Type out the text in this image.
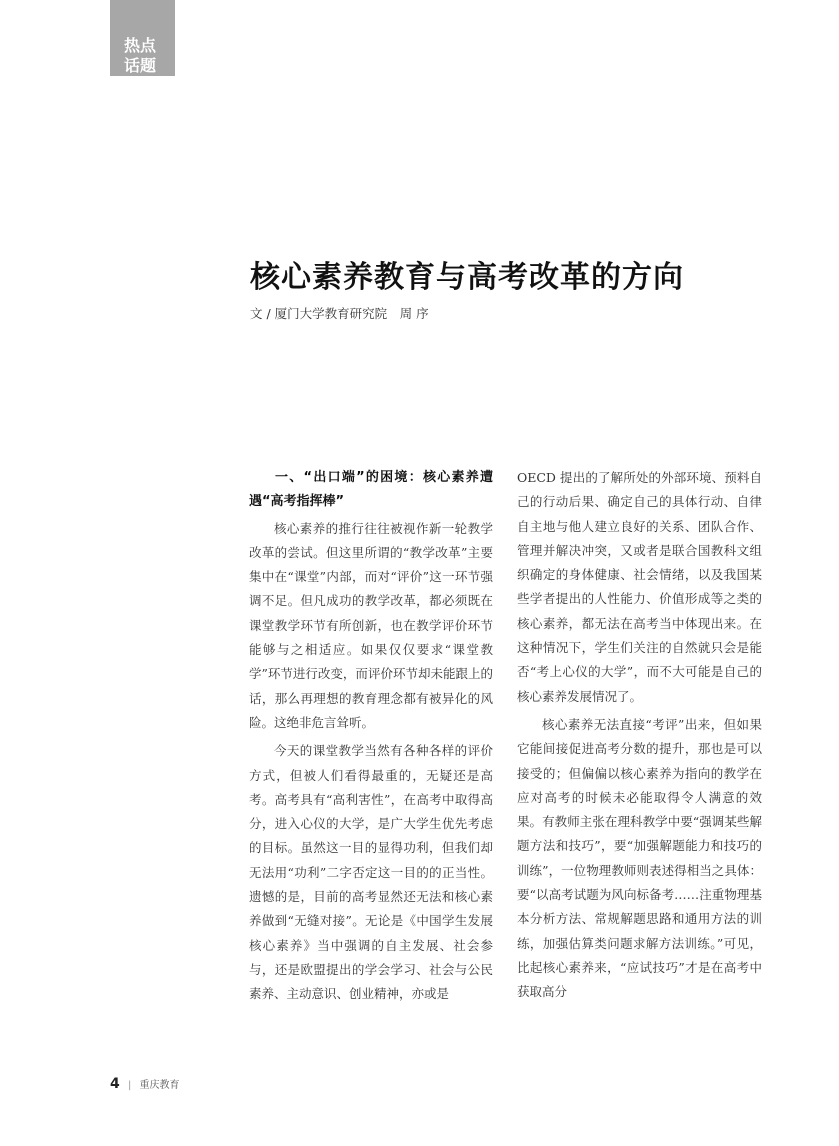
热点
话题
核心素养教育与高考改革的方向
文 / 厦门大学教育研究院　周 序
一、“出口端”的困境：核心素养遭遇“高考指挥棒”

核心素养的推行往往被视作新一轮教学改革的尝试。但这里所谓的“教学改革”主要集中在“课堂”内部，而对“评价”这一环节强调不足。但凡成功的教学改革，都必须既在课堂教学环节有所创新，也在教学评价环节能够与之相适应。如果仅仅要求“课堂教学”环节进行改变，而评价环节却未能跟上的话，那么再理想的教育理念都有被异化的风险。这绝非危言耸听。

今天的课堂教学当然有各种各样的评价方式，但被人们看得最重的，无疑还是高考。高考具有“高利害性”，在高考中取得高分，进入心仪的大学，是广大学生优先考虑的目标。虽然这一目的显得功利，但我们却无法用“功利”二字否定这一目的的正当性。遗憾的是，目前的高考显然还无法和核心素养做到“无缝对接”。无论是《中国学生发展核心素养》当中强调的自主发展、社会参与，还是欧盟提出的学会学习、社会与公民素养、主动意识、创业精神，亦或是

OECD 提出的了解所处的外部环境、预料自己的行动后果、确定自己的具体行动、自律自主地与他人建立良好的关系、团队合作、管理并解决冲突，又或者是联合国教科文组织确定的身体健康、社会情绪，以及我国某些学者提出的人性能力、价值形成等之类的核心素养，都无法在高考当中体现出来。在这种情况下，学生们关注的自然就只会是能否“考上心仪的大学”，而不大可能是自己的核心素养发展情况了。

核心素养无法直接“考评”出来，但如果它能间接促进高考分数的提升，那也是可以接受的；但偏偏以核心素养为指向的教学在应对高考的时候未必能取得令人满意的效果。有教师主张在理科教学中要“强调某些解题方法和技巧”，要“加强解题能力和技巧的训练”，一位物理教师则表述得相当之具体：要“以高考试题为风向标备考……注重物理基本分析方法、常规解题思路和通用方法的训练，加强估算类问题求解方法训练。”可见，比起核心素养来，“应试技巧”才是在高考中获取高分

4 | 重庆教育
